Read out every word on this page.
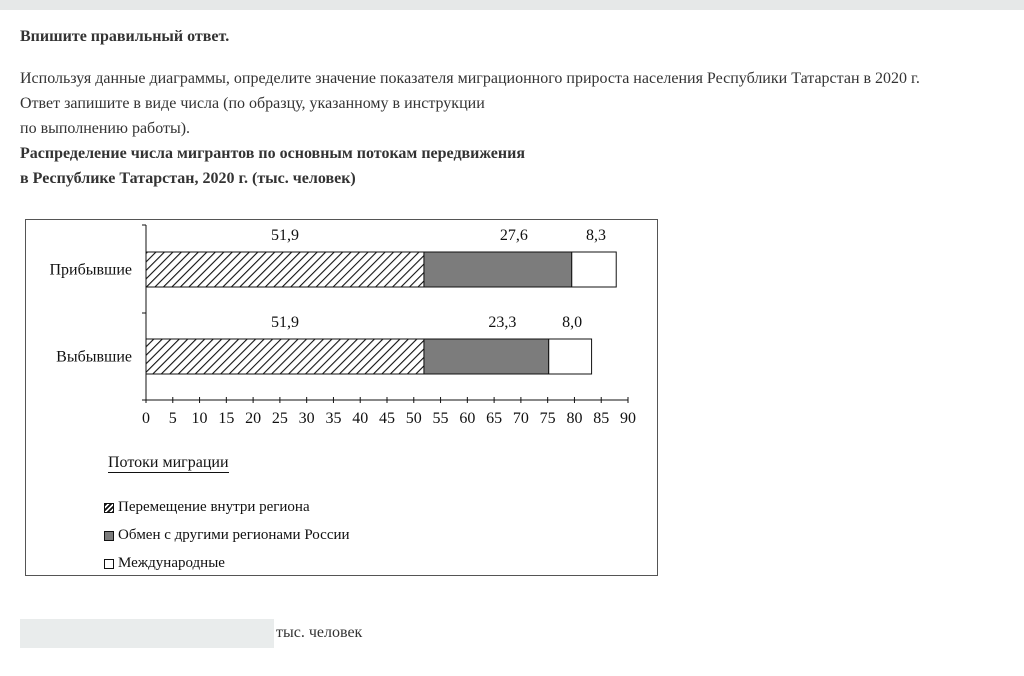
Впишите правильный ответ.
Используя данные диаграммы, определите значение показателя миграционного прироста населения Республики Татарстан в 2020 г.
Ответ запишите в виде числа (по образцу, указанному в инструкции
по выполнению работы).
Распределение числа мигрантов по основным потокам передвижения
в Республике Татарстан, 2020 г. (тыс. человек)
0 5 10 15 20 25 30 35 40 45 50 55 60 65 70 75 80 85 90
Прибывшие
51,9	27,6	8,3
Выбывшие
51,9	23,3	8,0
Потоки миграции
Перемещение внутри региона
Обмен с другими регионами России
Международные
тыс. человек
